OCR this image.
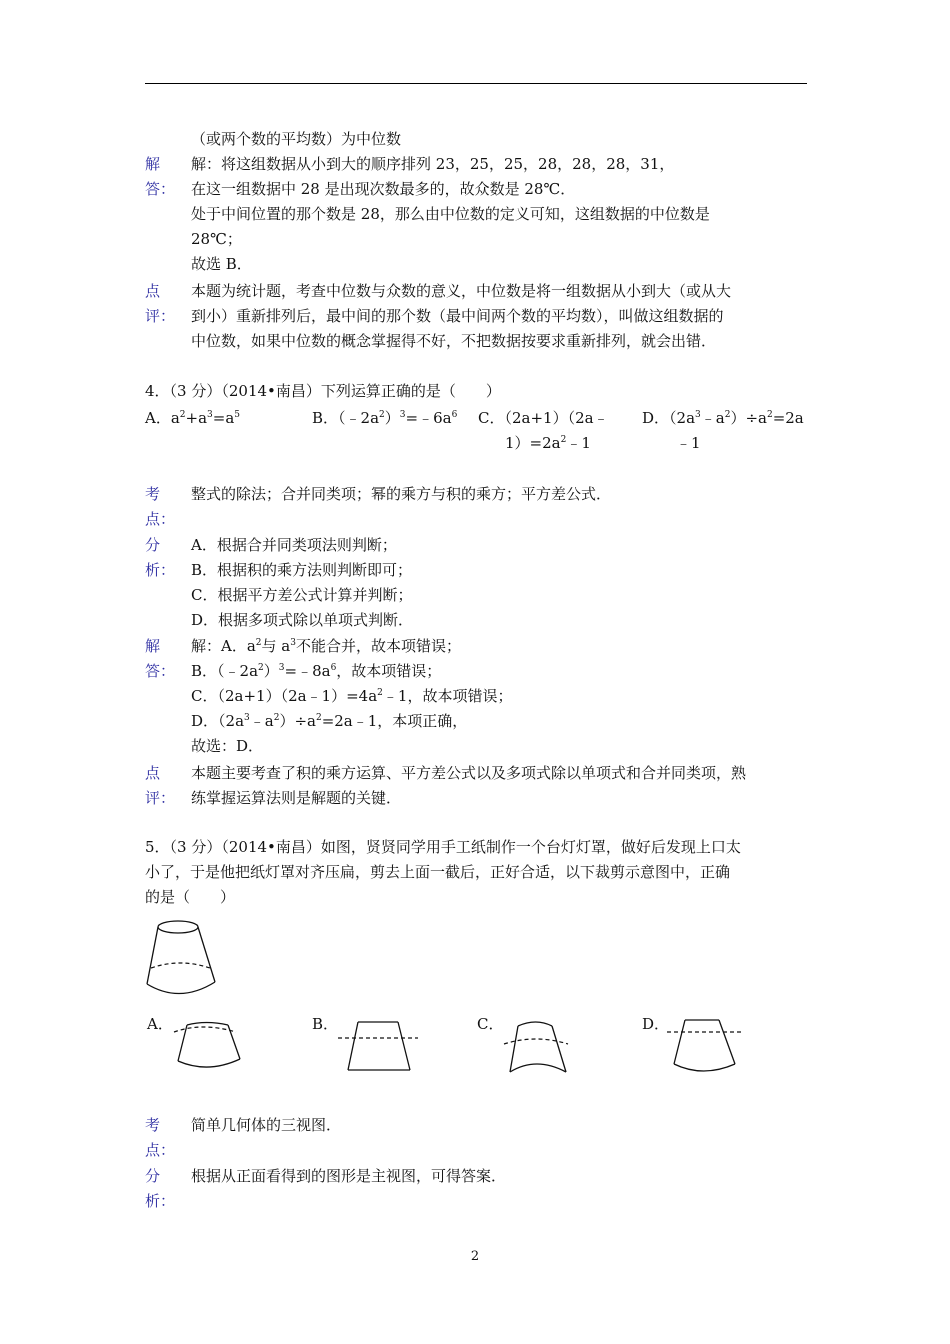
（或两个数的平均数）为中位数
解
答：
解：将这组数据从小到大的顺序排列 23，25，25，28，28，28，31，
在这一组数据中 28 是出现次数最多的，故众数是 28℃．
处于中间位置的那个数是 28，那么由中位数的定义可知，这组数据的中位数是
28℃；
故选 B．
点
评：
本题为统计题，考查中位数与众数的意义，中位数是将一组数据从小到大（或从大
到小）重新排列后，最中间的那个数（最中间两个数的平均数），叫做这组数据的
中位数，如果中位数的概念掌握得不好，不把数据按要求重新排列，就会出错．
4．（3 分）（2014•南昌）下列运算正确的是（　　）
A．$a^2+a^3=a^5$	B．$(﹣2a^2)^3=﹣6a^6$ C．（2a+1）（2a﹣
$1)=2a^2﹣1$
D．$(2a^3﹣a^2)\div a^2=2a$
﹣1
考
点：
整式的除法；合并同类项；幂的乘方与积的乘方；平方差公式．
分
析：
A．根据合并同类项法则判断；
B．根据积的乘方法则判断即可；
C．根据平方差公式计算并判断；
D．根据多项式除以单项式判断．
解
答：
解：A．$a^2$与 $a^3$不能合并，故本项错误；
B．$(﹣2a^2)^3=﹣8a^6$，故本项错误；
C．$(2a+1)(2a﹣1)=4a^2﹣1$，故本项错误；
D．$(2a^3﹣a^2)\div a^2=2a﹣1$，本项正确，
故选：D．
点
评：
本题主要考查了积的乘方运算、平方差公式以及多项式除以单项式和合并同类项，熟
练掌握运算法则是解题的关键．
5．（3 分）（2014•南昌）如图，贤贤同学用手工纸制作一个台灯灯罩，做好后发现上口太
小了，于是他把纸灯罩对齐压扁，剪去上面一截后，正好合适，以下裁剪示意图中，正确
的是（　　）
A．	B．	C．	D．
考
点：
简单几何体的三视图．
分
析：
根据从正面看得到的图形是主视图，可得答案．
2
